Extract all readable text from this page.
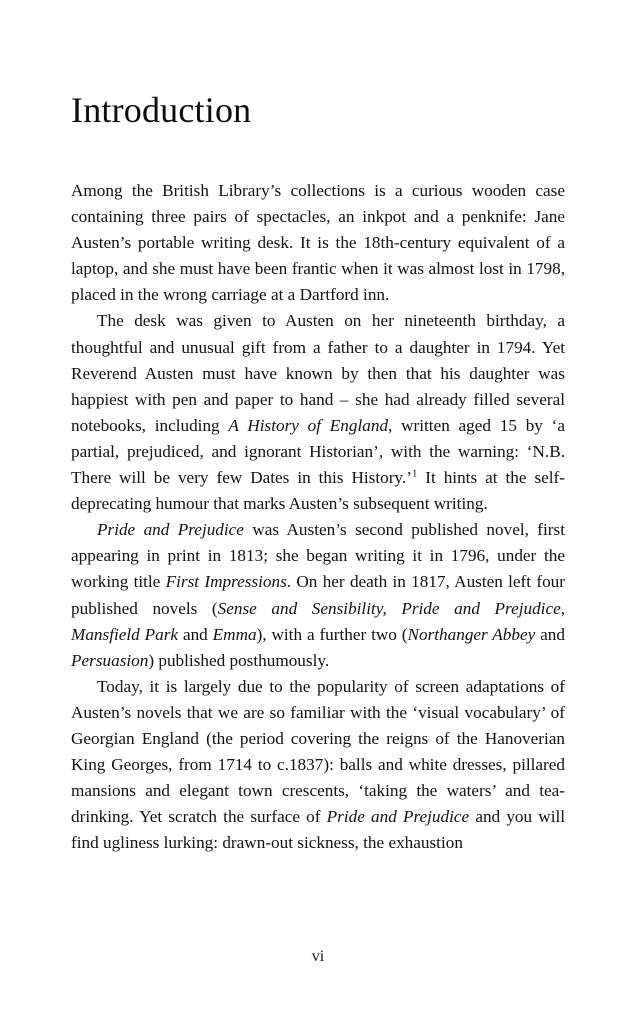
Introduction

Among the British Library’s collections is a curious wooden case containing three pairs of spectacles, an inkpot and a penknife: Jane Austen’s portable writing desk. It is the 18th-century equivalent of a laptop, and she must have been frantic when it was almost lost in 1798, placed in the wrong carriage at a Dartford inn.

The desk was given to Austen on her nineteenth birthday, a thoughtful and unusual gift from a father to a daughter in 1794. Yet Reverend Austen must have known by then that his daughter was happiest with pen and paper to hand – she had already filled several notebooks, including A History of England, written aged 15 by ‘a partial, prejudiced, and ignorant Historian’, with the warning: ‘N.B. There will be very few Dates in this History.’$^1$ It hints at the self-deprecating humour that marks Austen’s subsequent writing.

Pride and Prejudice was Austen’s second published novel, first appearing in print in 1813; she began writing it in 1796, under the working title First Impressions. On her death in 1817, Austen left four published novels (Sense and Sensibility, Pride and Prejudice, Mansfield Park and Emma), with a further two (Northanger Abbey and Persuasion) published posthumously.

Today, it is largely due to the popularity of screen adaptations of Austen’s novels that we are so familiar with the ‘visual vocabulary’ of Georgian England (the period covering the reigns of the Hanoverian King Georges, from 1714 to c.1837): balls and white dresses, pillared mansions and elegant town crescents, ‘taking the waters’ and tea-drinking. Yet scratch the surface of Pride and Prejudice and you will find ugliness lurking: drawn-out sickness, the exhaustion

vi
